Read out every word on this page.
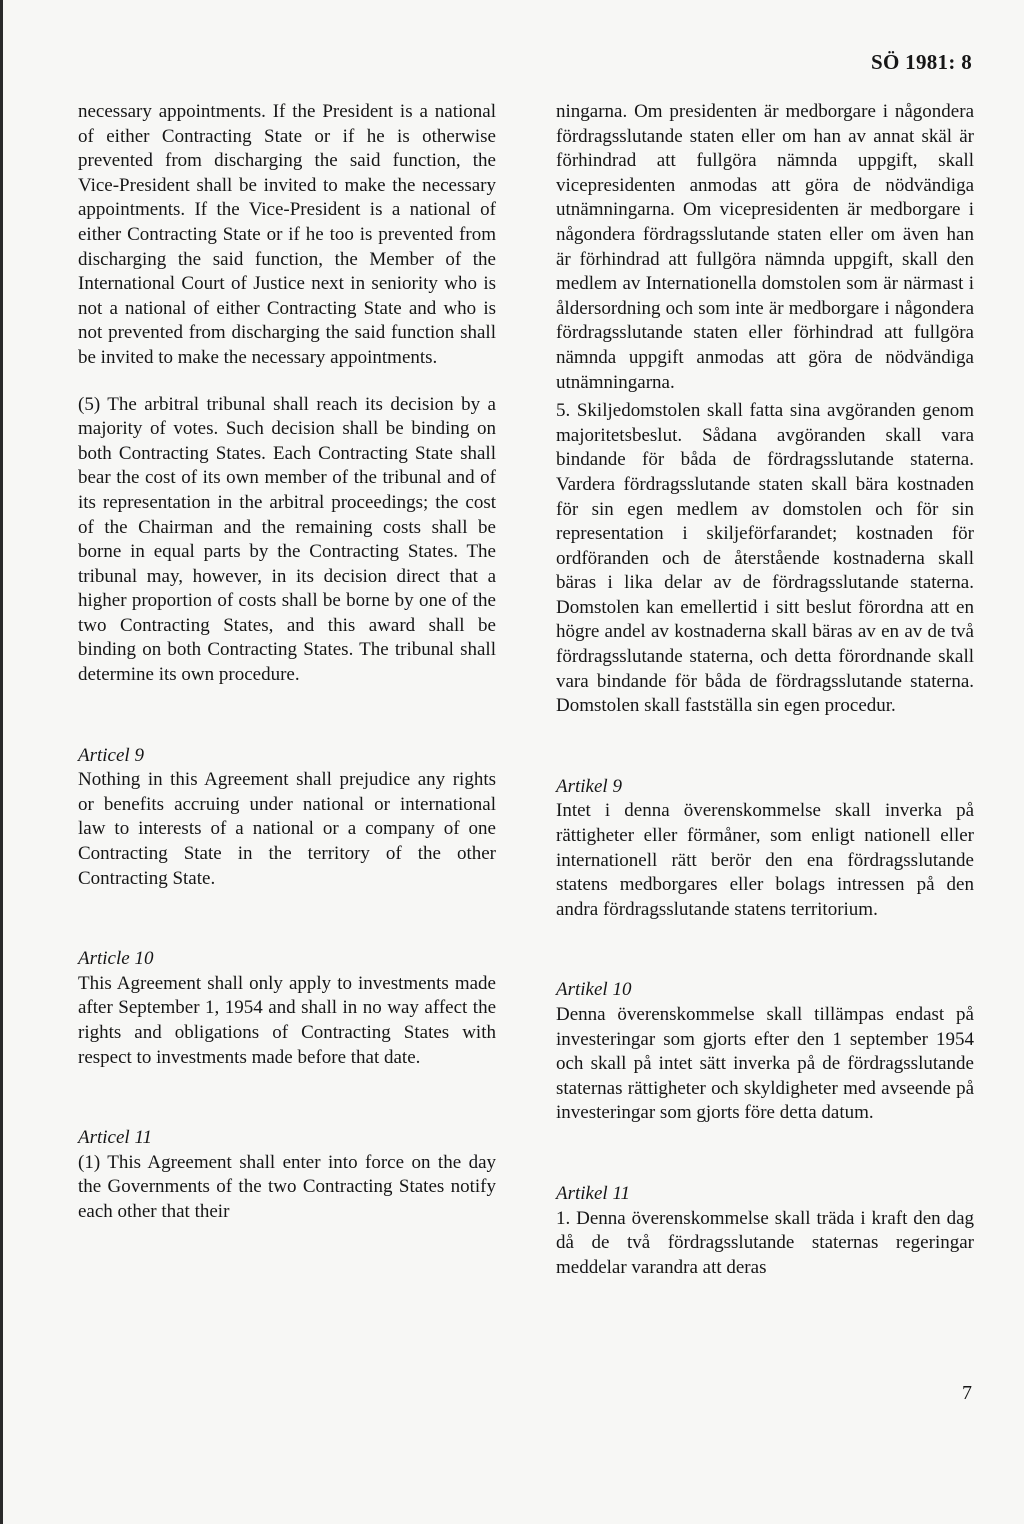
SÖ 1981: 8

necessary appointments. If the President is a national of either Contracting State or if he is otherwise prevented from discharging the said function, the Vice-President shall be invited to make the necessary appointments. If the Vice-President is a national of either Contracting State or if he too is prevented from discharging the said function, the Member of the International Court of Justice next in seniority who is not a national of either Contracting State and who is not prevented from discharging the said function shall be invited to make the necessary appointments.

(5) The arbitral tribunal shall reach its decision by a majority of votes. Such decision shall be binding on both Contracting States. Each Contracting State shall bear the cost of its own member of the tribunal and of its representation in the arbitral proceedings; the cost of the Chairman and the remaining costs shall be borne in equal parts by the Contracting States. The tribunal may, however, in its decision direct that a higher proportion of costs shall be borne by one of the two Contracting States, and this award shall be binding on both Contracting States. The tribunal shall determine its own procedure.

Articel 9

Nothing in this Agreement shall prejudice any rights or benefits accruing under national or international law to interests of a national or a company of one Contracting State in the territory of the other Contracting State.

Article 10

This Agreement shall only apply to investments made after September 1, 1954 and shall in no way affect the rights and obligations of Contracting States with respect to investments made before that date.

Articel 11

(1) This Agreement shall enter into force on the day the Governments of the two Contracting States notify each other that their

ningarna. Om presidenten är medborgare i någondera fördragsslutande staten eller om han av annat skäl är förhindrad att fullgöra nämnda uppgift, skall vicepresidenten anmodas att göra de nödvändiga utnämningarna. Om vicepresidenten är medborgare i någondera fördragsslutande staten eller om även han är förhindrad att fullgöra nämnda uppgift, skall den medlem av Internationella domstolen som är närmast i åldersordning och som inte är medborgare i någondera fördragsslutande staten eller förhindrad att fullgöra nämnda uppgift anmodas att göra de nödvändiga utnämningarna.

5. Skiljedomstolen skall fatta sina avgöranden genom majoritetsbeslut. Sådana avgöranden skall vara bindande för båda de fördragsslutande staterna. Vardera fördragsslutande staten skall bära kostnaden för sin egen medlem av domstolen och för sin representation i skiljeförfarandet; kostnaden för ordföranden och de återstående kostnaderna skall bäras i lika delar av de fördragsslutande staterna. Domstolen kan emellertid i sitt beslut förordna att en högre andel av kostnaderna skall bäras av en av de två fördragsslutande staterna, och detta förordnande skall vara bindande för båda de fördragsslutande staterna. Domstolen skall fastställa sin egen procedur.

Artikel 9

Intet i denna överenskommelse skall inverka på rättigheter eller förmåner, som enligt nationell eller internationell rätt berör den ena fördragsslutande statens medborgares eller bolags intressen på den andra fördragsslutande statens territorium.

Artikel 10

Denna överenskommelse skall tillämpas endast på investeringar som gjorts efter den 1 september 1954 och skall på intet sätt inverka på de fördragsslutande staternas rättigheter och skyldigheter med avseende på investeringar som gjorts före detta datum.

Artikel 11

1. Denna överenskommelse skall träda i kraft den dag då de två fördragsslutande staternas regeringar meddelar varandra att deras

7
